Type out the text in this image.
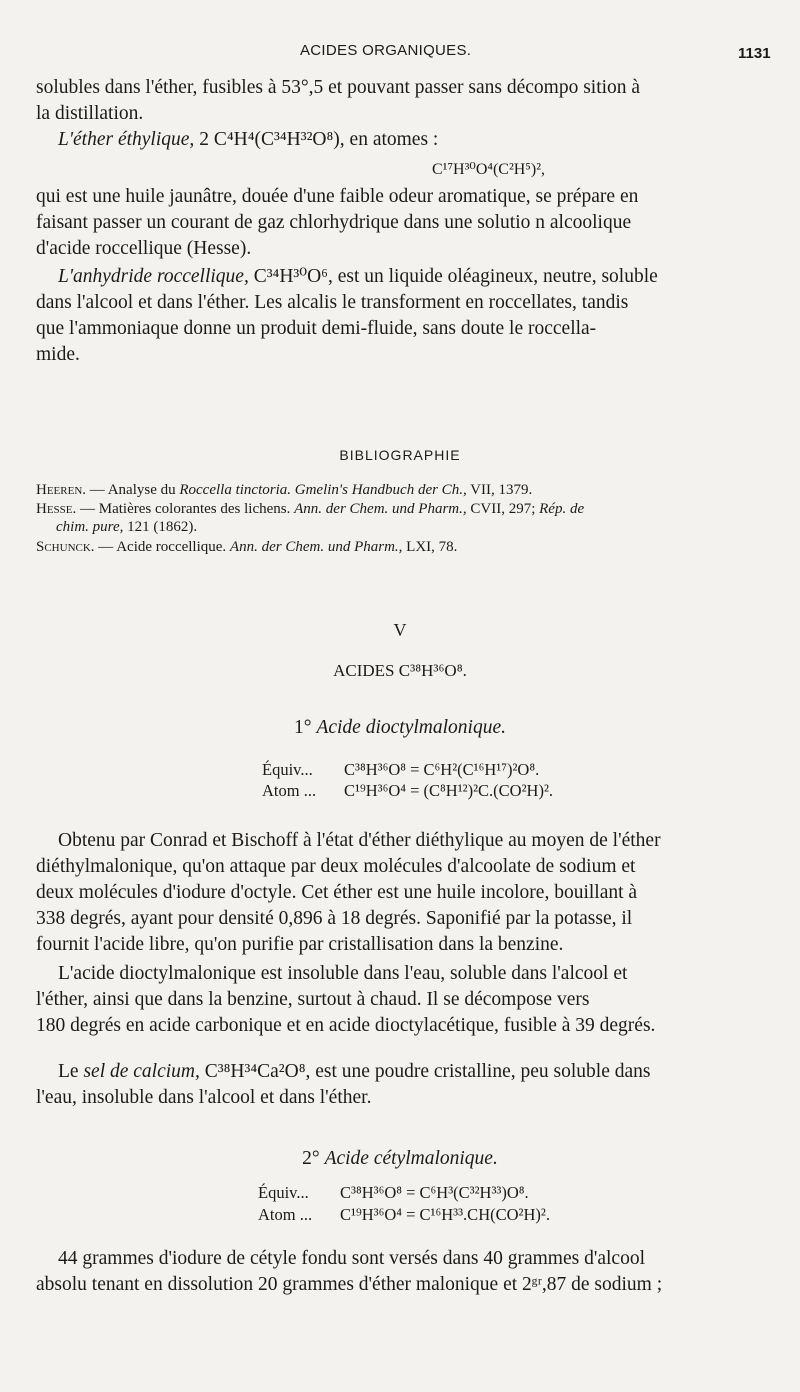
ACIDES ORGANIQUES.	1131
solubles dans l'éther, fusibles à 53°,5 et pouvant passer sans décompo sition à
la distillation.
L'éther éthylique, 2 C⁴H⁴(C³⁴H³²O⁸), en atomes :
C¹⁷H³⁰O⁴(C²H⁵)²,
qui est une huile jaunâtre, douée d'une faible odeur aromatique, se prépare en
faisant passer un courant de gaz chlorhydrique dans une solutio n alcoolique
d'acide roccellique (Hesse).
L'anhydride roccellique, C³⁴H³⁰O⁶, est un liquide oléagineux, neutre, soluble
dans l'alcool et dans l'éther. Les alcalis le transforment en roccellates, tandis
que l'ammoniaque donne un produit demi-fluide, sans doute le roccella-
mide.
BIBLIOGRAPHIE
Heeren. — Analyse du Roccella tinctoria. Gmelin's Handbuch der Ch., VII, 1379.
Hesse. — Matières colorantes des lichens. Ann. der Chem. und Pharm., CVII, 297; Rép. de
chim. pure, 121 (1862).
Schunck. — Acide roccellique. Ann. der Chem. und Pharm., LXI, 78.
V
ACIDES C³⁸H³⁶O⁸.
1° Acide dioctylmalonique.
Équiv... C³⁸H³⁶O⁸ = C⁶H²(C¹⁶H¹⁷)²O⁸.
Atom ... C¹⁹H³⁶O⁴ = (C⁸H¹²)²C.(CO²H)².
Obtenu par Conrad et Bischoff à l'état d'éther diéthylique au moyen de l'éther
diéthylmalonique, qu'on attaque par deux molécules d'alcoolate de sodium et
deux molécules d'iodure d'octyle. Cet éther est une huile incolore, bouillant à
338 degrés, ayant pour densité 0,896 à 18 degrés. Saponifié par la potasse, il
fournit l'acide libre, qu'on purifie par cristallisation dans la benzine.
L'acide dioctylmalonique est insoluble dans l'eau, soluble dans l'alcool et
l'éther, ainsi que dans la benzine, surtout à chaud. Il se décompose vers
180 degrés en acide carbonique et en acide dioctylacétique, fusible à 39 degrés.
Le sel de calcium, C³⁸H³⁴Ca²O⁸, est une poudre cristalline, peu soluble dans
l'eau, insoluble dans l'alcool et dans l'éther.
2° Acide cétylmalonique.
Équiv... C³⁸H³⁶O⁸ = C⁶H³(C³²H³³)O⁸.
Atom ... C¹⁹H³⁶O⁴ = C¹⁶H³³.CH(CO²H)².
44 grammes d'iodure de cétyle fondu sont versés dans 40 grammes d'alcool
absolu tenant en dissolution 20 grammes d'éther malonique et 2ᵍʳ,87 de sodium ;
